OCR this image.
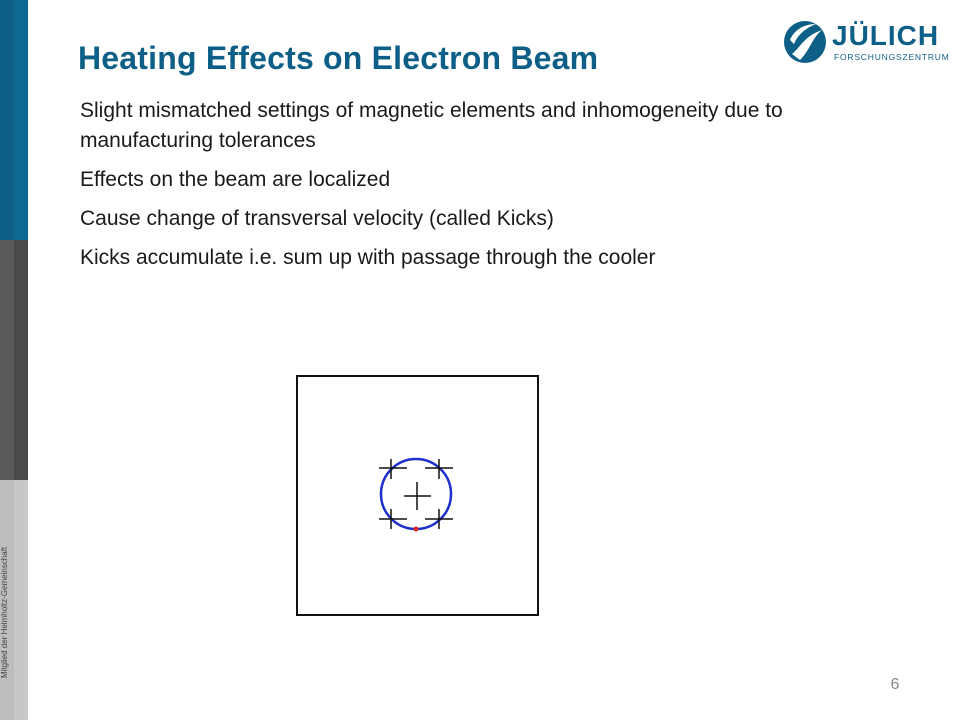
Mitglied der Helmholtz-Gemeinschaft
Heating Effects on Electron Beam
JÜLICH
FORSCHUNGSZENTRUM
Slight mismatched settings of magnetic elements and inhomogeneity due to manufacturing tolerances
Effects on the beam are localized
Cause change of transversal velocity (called Kicks)
Kicks accumulate i.e. sum up with passage through the cooler
6
